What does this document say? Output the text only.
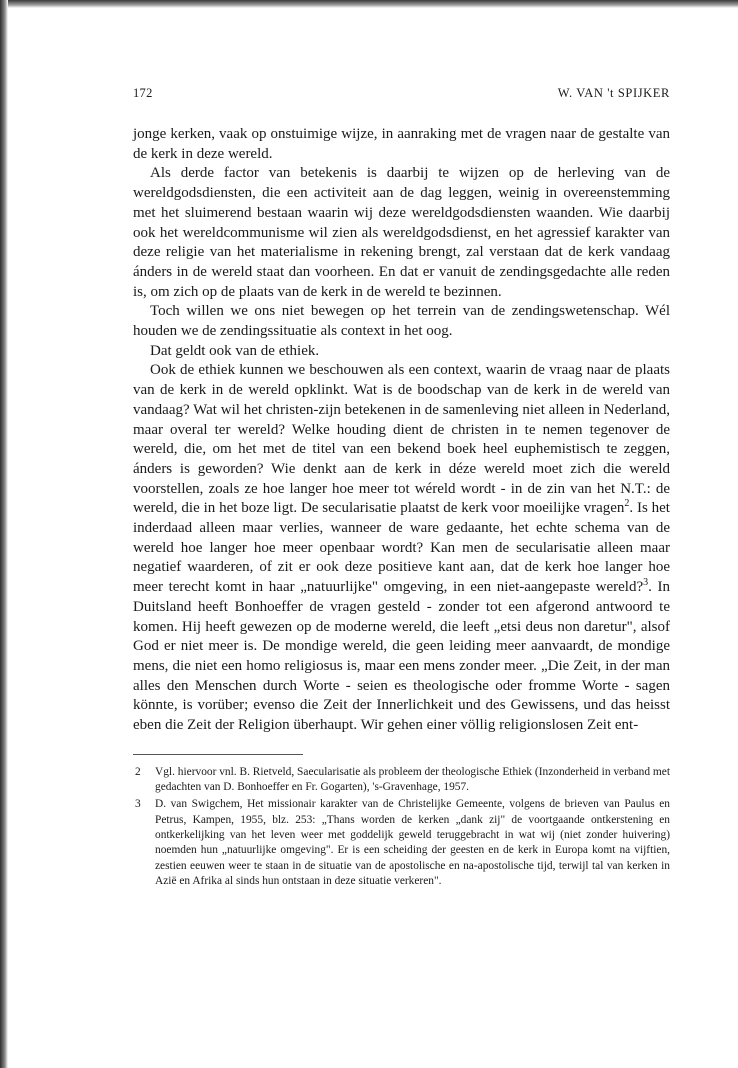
172	W. VAN 't SPIJKER

jonge kerken, vaak op onstuimige wijze, in aanraking met de vragen naar de gestalte van de kerk in deze wereld.

Als derde factor van betekenis is daarbij te wijzen op de herleving van de wereldgodsdiensten, die een activiteit aan de dag leggen, weinig in overeenstemming met het sluimerend bestaan waarin wij deze wereldgodsdiensten waanden. Wie daarbij ook het wereldcommunisme wil zien als wereldgodsdienst, en het agressief karakter van deze religie van het materialisme in rekening brengt, zal verstaan dat de kerk vandaag ánders in de wereld staat dan voorheen. En dat er vanuit de zendingsgedachte alle reden is, om zich op de plaats van de kerk in de wereld te bezinnen.

Toch willen we ons niet bewegen op het terrein van de zendingswetenschap. Wél houden we de zendingssituatie als context in het oog.

Dat geldt ook van de ethiek.

Ook de ethiek kunnen we beschouwen als een context, waarin de vraag naar de plaats van de kerk in de wereld opklinkt. Wat is de boodschap van de kerk in de wereld van vandaag? Wat wil het christen-zijn betekenen in de samenleving niet alleen in Nederland, maar overal ter wereld? Welke houding dient de christen in te nemen tegenover de wereld, die, om het met de titel van een bekend boek heel euphemistisch te zeggen, ánders is geworden? Wie denkt aan de kerk in déze wereld moet zich die wereld voorstellen, zoals ze hoe langer hoe meer tot wéreld wordt - in de zin van het N.T.: de wereld, die in het boze ligt. De secularisatie plaatst de kerk voor moeilijke vragen$^2$. Is het inderdaad alleen maar verlies, wanneer de ware gedaante, het echte schema van de wereld hoe langer hoe meer openbaar wordt? Kan men de secularisatie alleen maar negatief waarderen, of zit er ook deze positieve kant aan, dat de kerk hoe langer hoe meer terecht komt in haar „natuurlijke" omgeving, in een niet-aangepaste wereld?$^3$. In Duitsland heeft Bonhoeffer de vragen gesteld - zonder tot een afgerond antwoord te komen. Hij heeft gewezen op de moderne wereld, die leeft „etsi deus non daretur", alsof God er niet meer is. De mondige wereld, die geen leiding meer aanvaardt, de mondige mens, die niet een homo religiosus is, maar een mens zonder meer. „Die Zeit, in der man alles den Menschen durch Worte - seien es theologische oder fromme Worte - sagen könnte, is vorüber; evenso die Zeit der Innerlichkeit und des Gewissens, und das heisst eben die Zeit der Religion überhaupt. Wir gehen einer völlig religionslosen Zeit ent-

2	Vgl. hiervoor vnl. B. Rietveld, Saecularisatie als probleem der theologische Ethiek (Inzonderheid in verband met gedachten van D. Bonhoeffer en Fr. Gogarten), 's-Gravenhage, 1957.
3	D. van Swigchem, Het missionair karakter van de Christelijke Gemeente, volgens de brieven van Paulus en Petrus, Kampen, 1955, blz. 253: „Thans worden de kerken „dank zij" de voortgaande ontkerstening en ontkerkelijking van het leven weer met goddelijk geweld teruggebracht in wat wij (niet zonder huivering) noemden hun „natuurlijke omgeving". Er is een scheiding der geesten en de kerk in Europa komt na vijftien, zestien eeuwen weer te staan in de situatie van de apostolische en na-apostolische tijd, terwijl tal van kerken in Azië en Afrika al sinds hun ontstaan in deze situatie verkeren".
